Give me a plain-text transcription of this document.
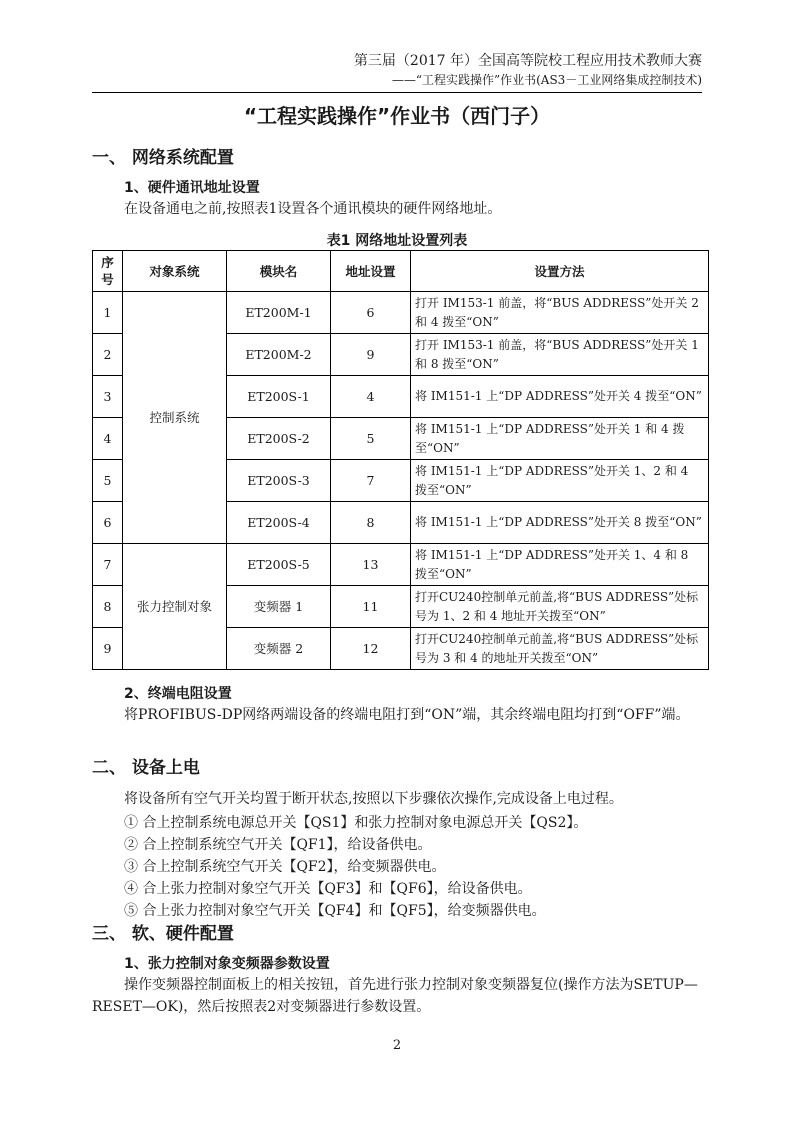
第三届（2017 年）全国高等院校工程应用技术教师大赛
——“工程实践操作”作业书(AS3－工业网络集成控制技术)
“工程实践操作”作业书（西门子）
一、 网络系统配置
1、硬件通讯地址设置
在设备通电之前,按照表1设置各个通讯模块的硬件网络地址。
表1 网络地址设置列表
序号	对象系统	模块名	地址设置	设置方法
1	控制系统	ET200M-1	6	打开 IM153-1 前盖，将“BUS ADDRESS”处开关 2 和 4 拨至“ON”
2		ET200M-2	9	打开 IM153-1 前盖，将“BUS ADDRESS”处开关 1 和 8 拨至“ON”
3		ET200S-1	4	将 IM151-1 上“DP ADDRESS”处开关 4 拨至“ON”
4		ET200S-2	5	将 IM151-1 上“DP ADDRESS”处开关 1 和 4 拨至“ON”
5		ET200S-3	7	将 IM151-1 上“DP ADDRESS”处开关 1、2 和 4 拨至“ON”
6		ET200S-4	8	将 IM151-1 上“DP ADDRESS”处开关 8 拨至“ON”
7	张力控制对象	ET200S-5	13	将 IM151-1 上“DP ADDRESS”处开关 1、4 和 8 拨至“ON”
8		变频器 1	11	打开CU240控制单元前盖,将“BUS ADDRESS”处标号为 1、2 和 4 地址开关拨至“ON”
9		变频器 2	12	打开CU240控制单元前盖,将“BUS ADDRESS”处标号为 3 和 4 的地址开关拨至“ON”
2、终端电阻设置
将PROFIBUS-DP网络两端设备的终端电阻打到“ON”端，其余终端电阻均打到“OFF”端。
二、 设备上电
将设备所有空气开关均置于断开状态,按照以下步骤依次操作,完成设备上电过程。
① 合上控制系统电源总开关【QS1】和张力控制对象电源总开关【QS2】。
② 合上控制系统空气开关【QF1】，给设备供电。
③ 合上控制系统空气开关【QF2】，给变频器供电。
④ 合上张力控制对象空气开关【QF3】和【QF6】，给设备供电。
⑤ 合上张力控制对象空气开关【QF4】和【QF5】，给变频器供电。
三、 软、硬件配置
1、张力控制对象变频器参数设置
操作变频器控制面板上的相关按钮，首先进行张力控制对象变频器复位(操作方法为SETUP—RESET—OK)，然后按照表2对变频器进行参数设置。
2
